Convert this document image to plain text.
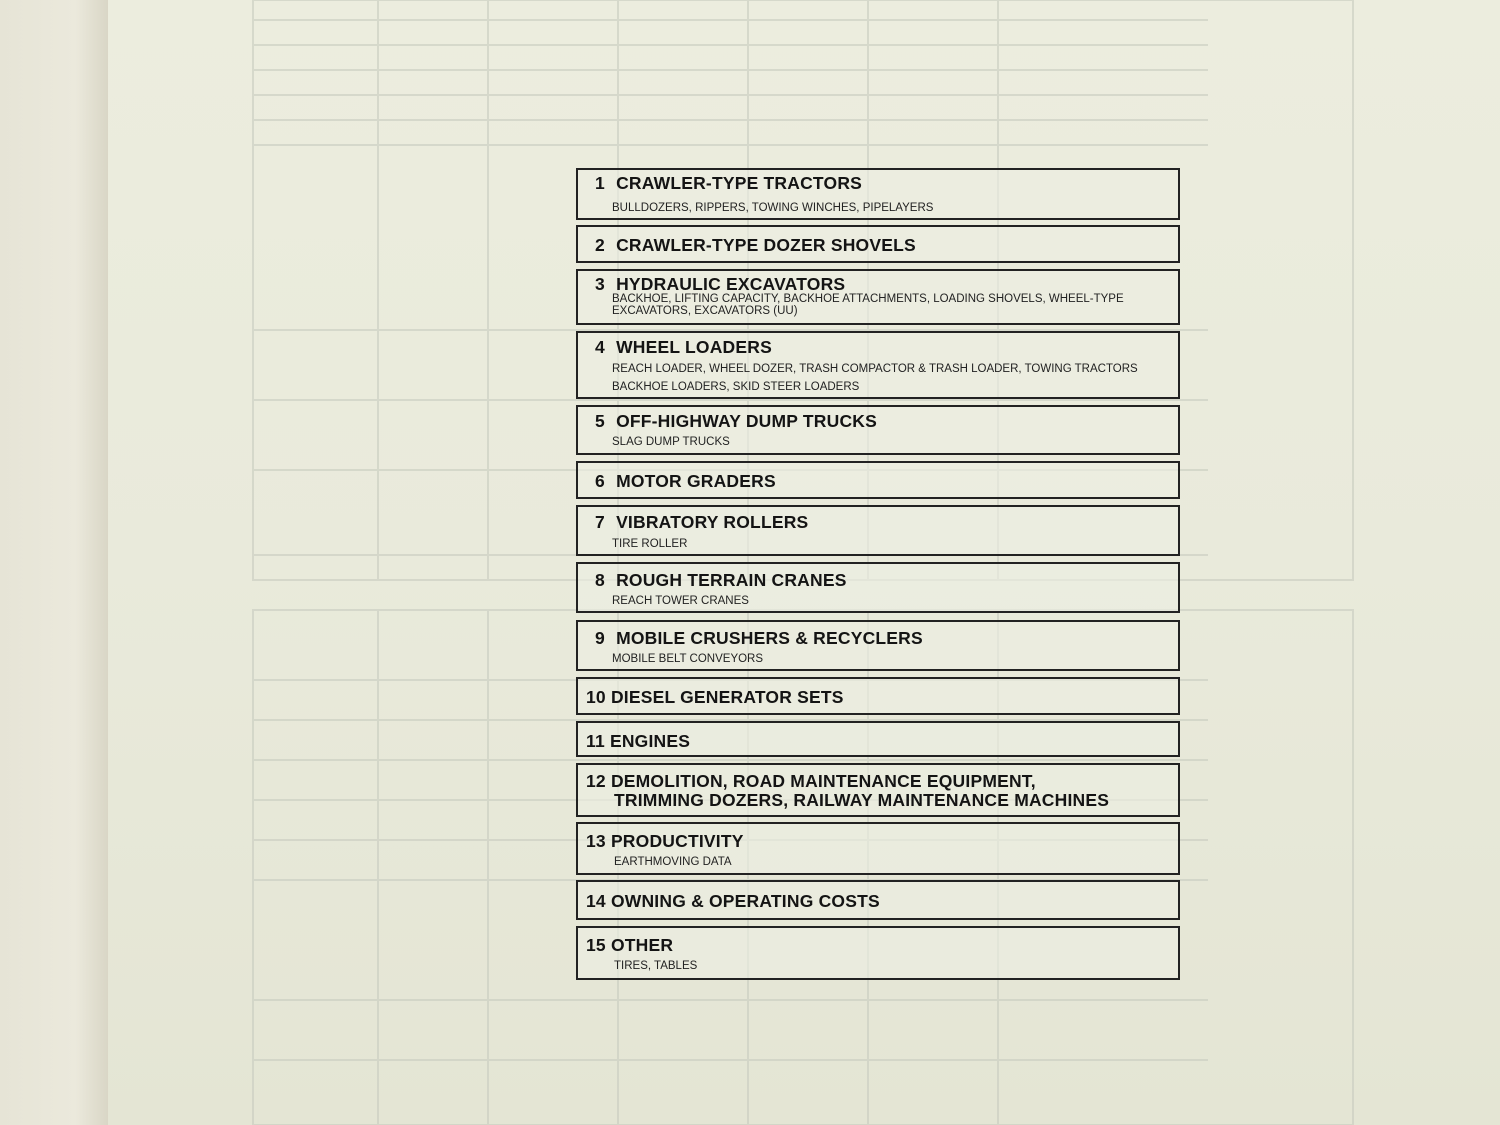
1 CRAWLER-TYPE TRACTORS
BULLDOZERS, RIPPERS, TOWING WINCHES, PIPELAYERS
2 CRAWLER-TYPE DOZER SHOVELS
3 HYDRAULIC EXCAVATORS
BACKHOE, LIFTING CAPACITY, BACKHOE ATTACHMENTS, LOADING SHOVELS, WHEEL-TYPE EXCAVATORS, EXCAVATORS (UU)
4 WHEEL LOADERS
REACH LOADER, WHEEL DOZER, TRASH COMPACTOR & TRASH LOADER, TOWING TRACTORS
BACKHOE LOADERS, SKID STEER LOADERS
5 OFF-HIGHWAY DUMP TRUCKS
SLAG DUMP TRUCKS
6 MOTOR GRADERS
7 VIBRATORY ROLLERS
TIRE ROLLER
8 ROUGH TERRAIN CRANES
REACH TOWER CRANES
9 MOBILE CRUSHERS & RECYCLERS
MOBILE BELT CONVEYORS
10 DIESEL GENERATOR SETS
11 ENGINES
12 DEMOLITION, ROAD MAINTENANCE EQUIPMENT,
TRIMMING DOZERS, RAILWAY MAINTENANCE MACHINES
13 PRODUCTIVITY
EARTHMOVING DATA
14 OWNING & OPERATING COSTS
15 OTHER
TIRES, TABLES
